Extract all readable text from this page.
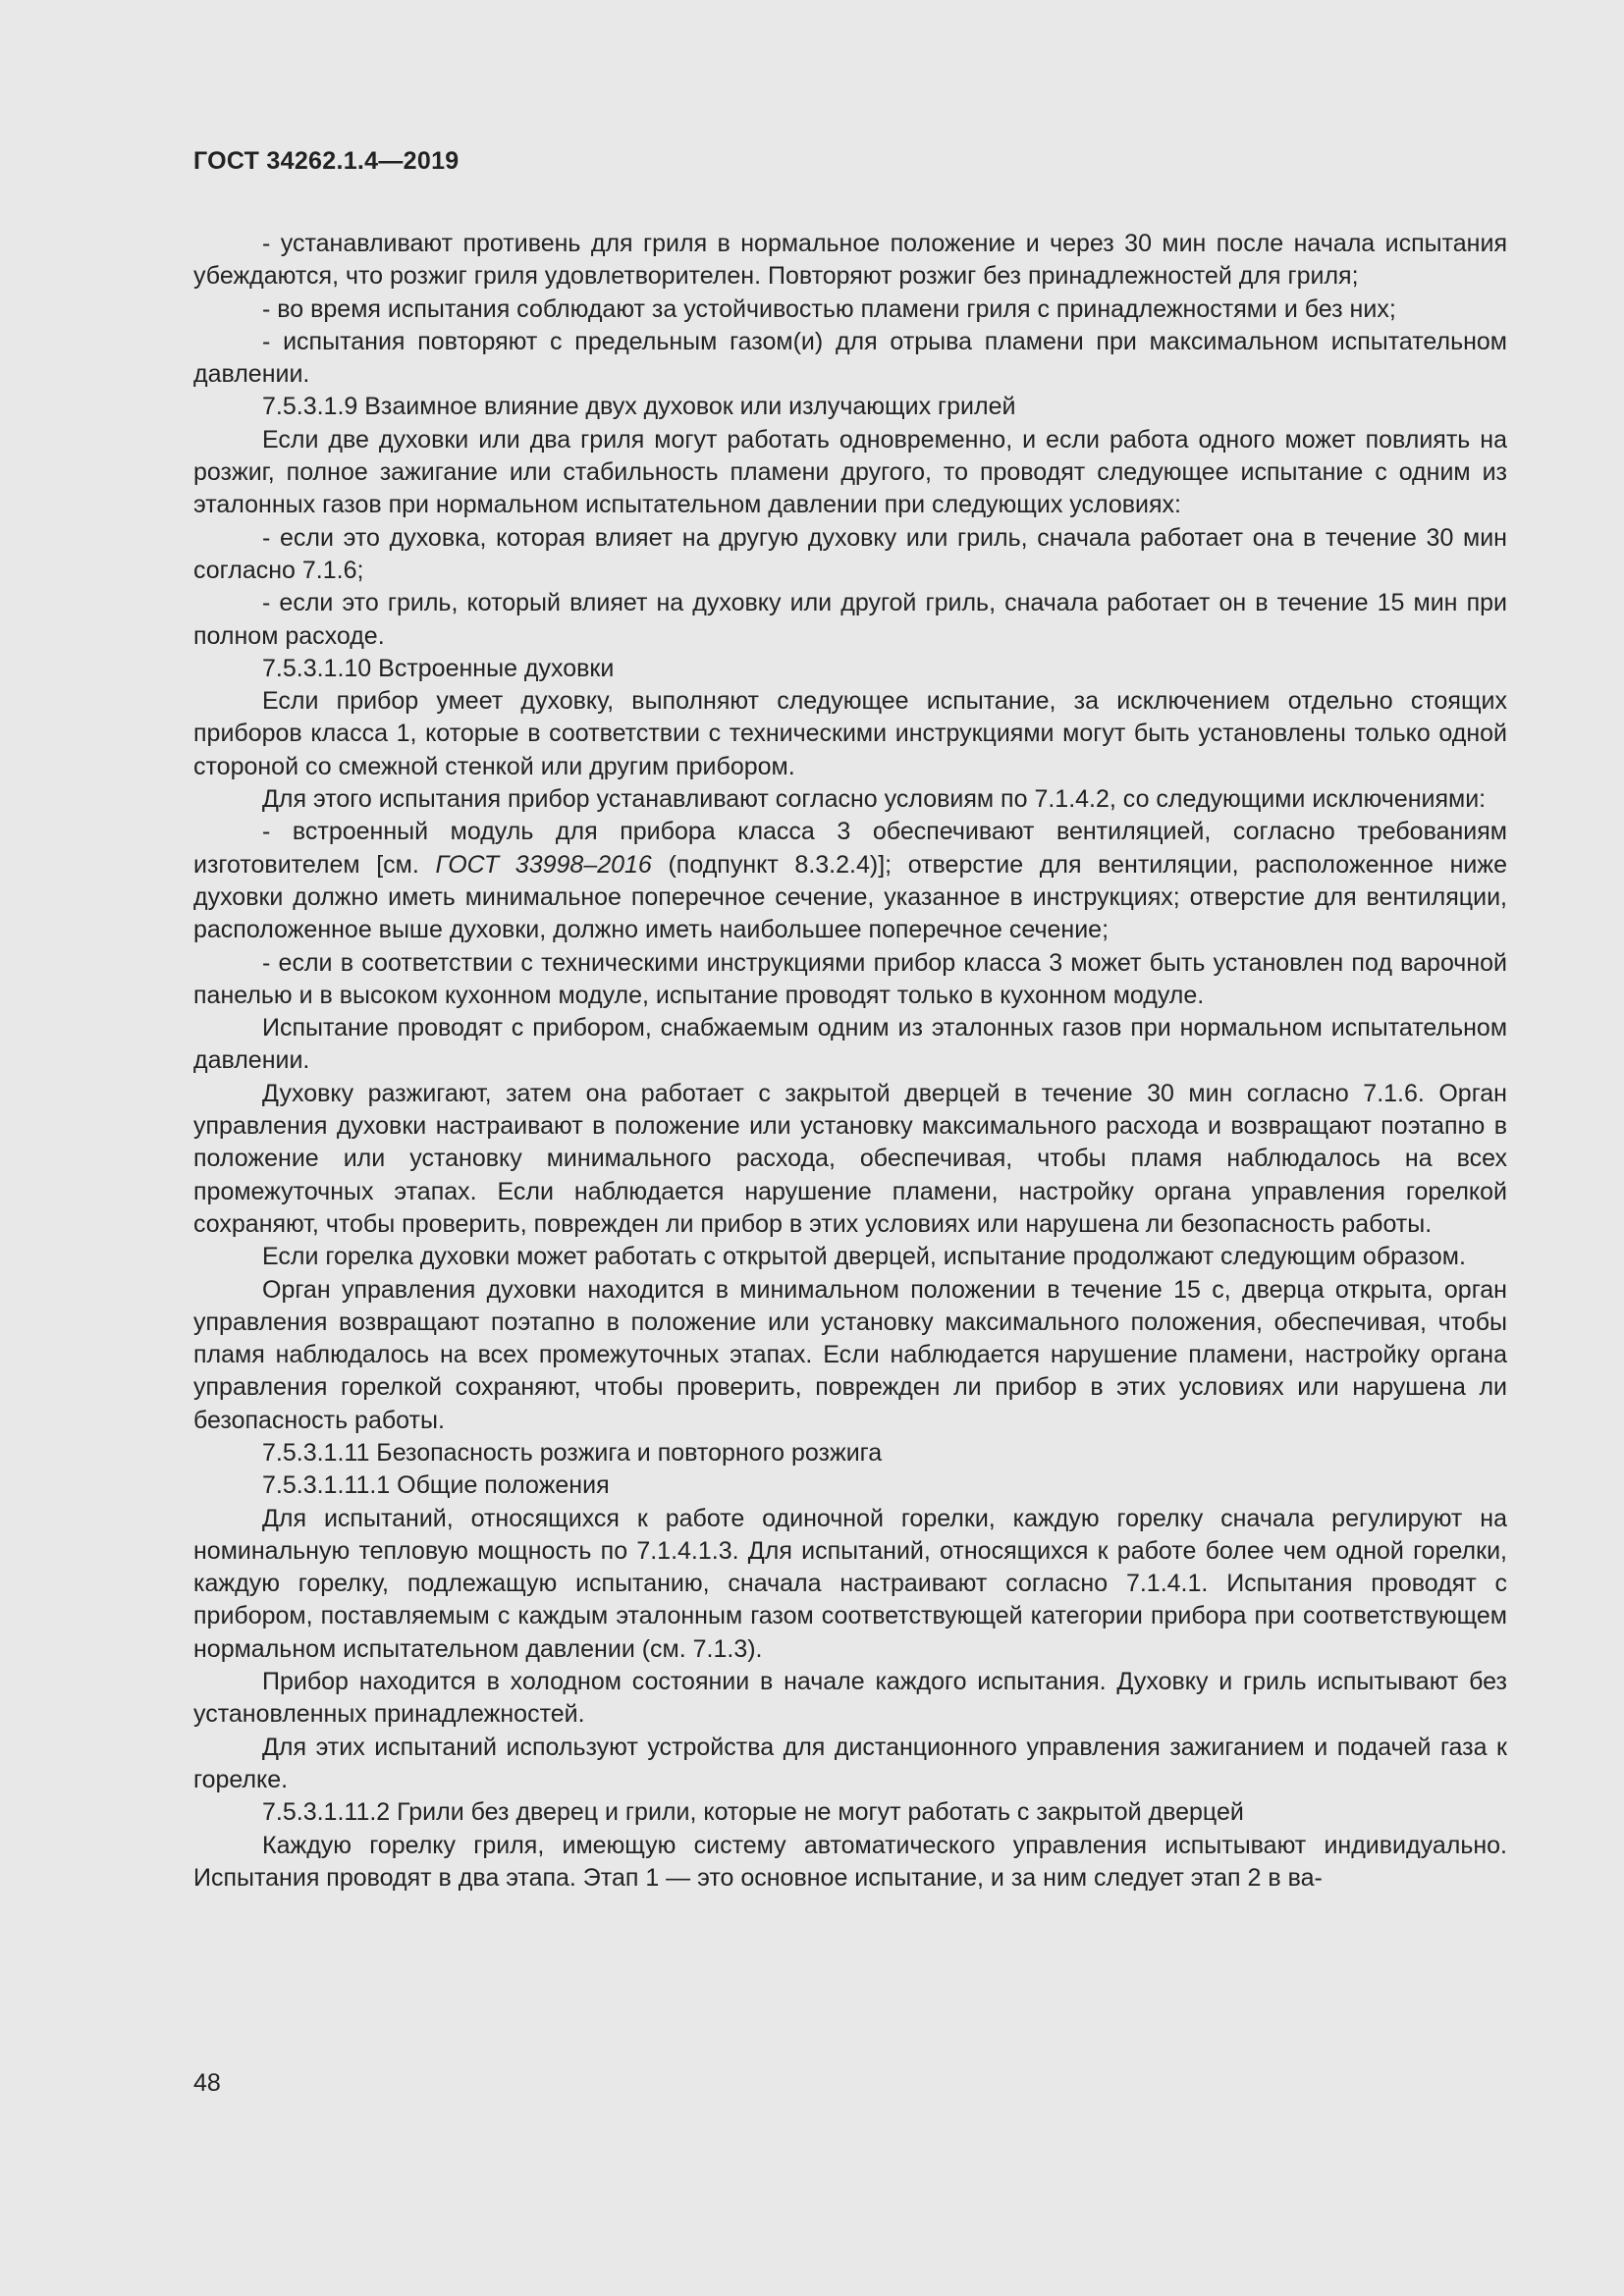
ГОСТ 34262.1.4—2019

- устанавливают противень для гриля в нормальное положение и через 30 мин после начала испытания убеждаются, что розжиг гриля удовлетворителен. Повторяют розжиг без принадлежностей для гриля;

- во время испытания соблюдают за устойчивостью пламени гриля с принадлежностями и без них;

- испытания повторяют с предельным газом(и) для отрыва пламени при максимальном испытательном давлении.

7.5.3.1.9 Взаимное влияние двух духовок или излучающих грилей

Если две духовки или два гриля могут работать одновременно, и если работа одного может повлиять на розжиг, полное зажигание или стабильность пламени другого, то проводят следующее испытание с одним из эталонных газов при нормальном испытательном давлении при следующих условиях:

- если это духовка, которая влияет на другую духовку или гриль, сначала работает она в течение 30 мин согласно 7.1.6;

- если это гриль, который влияет на духовку или другой гриль, сначала работает он в течение 15 мин при полном расходе.

7.5.3.1.10 Встроенные духовки

Если прибор умеет духовку, выполняют следующее испытание, за исключением отдельно стоящих приборов класса 1, которые в соответствии с техническими инструкциями могут быть установлены только одной стороной со смежной стенкой или другим прибором.

Для этого испытания прибор устанавливают согласно условиям по 7.1.4.2, со следующими исключениями:

- встроенный модуль для прибора класса 3 обеспечивают вентиляцией, согласно требованиям изготовителем [см. ГОСТ 33998–2016 (подпункт 8.3.2.4)]; отверстие для вентиляции, расположенное ниже духовки должно иметь минимальное поперечное сечение, указанное в инструкциях; отверстие для вентиляции, расположенное выше духовки, должно иметь наибольшее поперечное сечение;

- если в соответствии с техническими инструкциями прибор класса 3 может быть установлен под варочной панелью и в высоком кухонном модуле, испытание проводят только в кухонном модуле.

Испытание проводят с прибором, снабжаемым одним из эталонных газов при нормальном испытательном давлении.

Духовку разжигают, затем она работает с закрытой дверцей в течение 30 мин согласно 7.1.6. Орган управления духовки настраивают в положение или установку максимального расхода и возвращают поэтапно в положение или установку минимального расхода, обеспечивая, чтобы пламя наблюдалось на всех промежуточных этапах. Если наблюдается нарушение пламени, настройку органа управления горелкой сохраняют, чтобы проверить, поврежден ли прибор в этих условиях или нарушена ли безопасность работы.

Если горелка духовки может работать с открытой дверцей, испытание продолжают следующим образом.

Орган управления духовки находится в минимальном положении в течение 15 с, дверца открыта, орган управления возвращают поэтапно в положение или установку максимального положения, обеспечивая, чтобы пламя наблюдалось на всех промежуточных этапах. Если наблюдается нарушение пламени, настройку органа управления горелкой сохраняют, чтобы проверить, поврежден ли прибор в этих условиях или нарушена ли безопасность работы.

7.5.3.1.11 Безопасность розжига и повторного розжига

7.5.3.1.11.1 Общие положения

Для испытаний, относящихся к работе одиночной горелки, каждую горелку сначала регулируют на номинальную тепловую мощность по 7.1.4.1.3. Для испытаний, относящихся к работе более чем одной горелки, каждую горелку, подлежащую испытанию, сначала настраивают согласно 7.1.4.1. Испытания проводят с прибором, поставляемым с каждым эталонным газом соответствующей категории прибора при соответствующем нормальном испытательном давлении (см. 7.1.3).

Прибор находится в холодном состоянии в начале каждого испытания. Духовку и гриль испытывают без установленных принадлежностей.

Для этих испытаний используют устройства для дистанционного управления зажиганием и подачей газа к горелке.

7.5.3.1.11.2 Грили без дверец и грили, которые не могут работать с закрытой дверцей

Каждую горелку гриля, имеющую систему автоматического управления испытывают индивидуально. Испытания проводят в два этапа. Этап 1 — это основное испытание, и за ним следует этап 2 в ва-

48
